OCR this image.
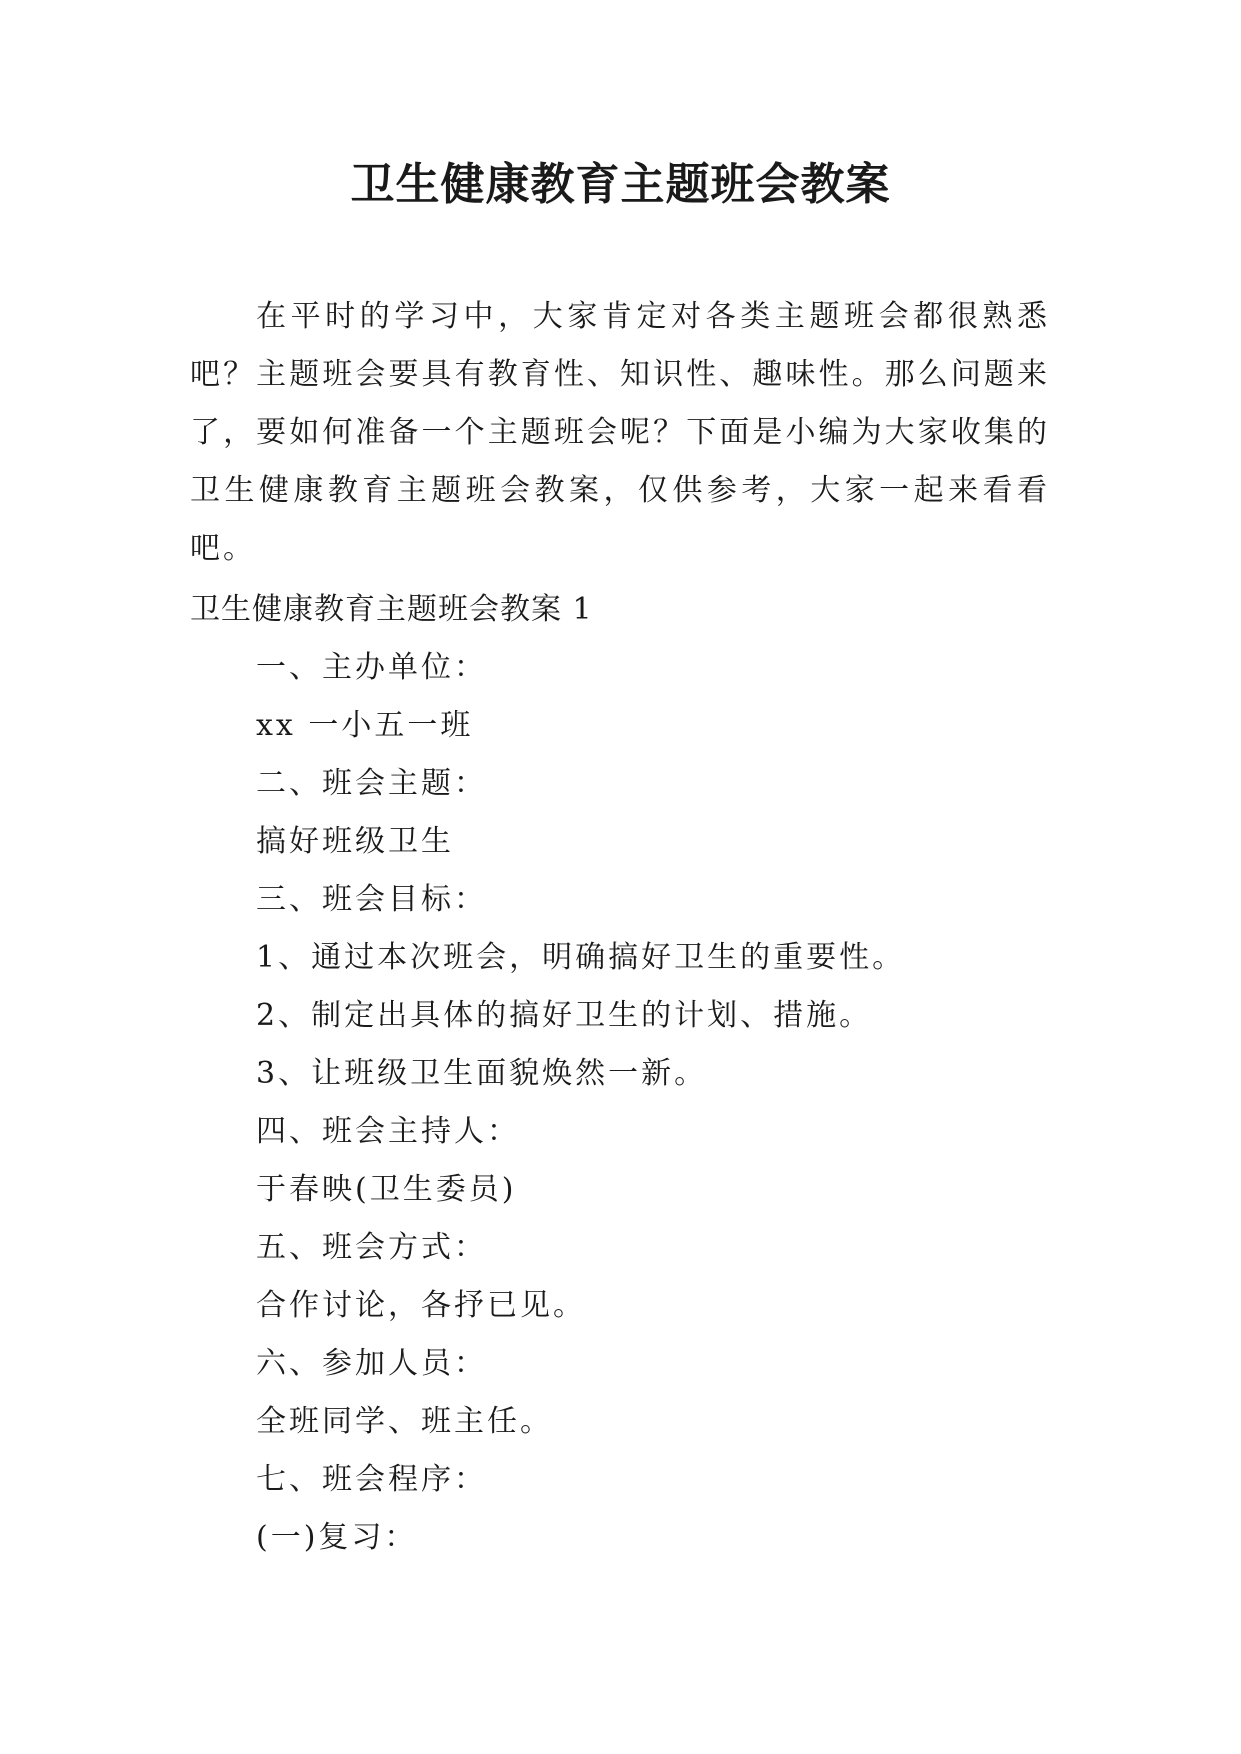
卫生健康教育主题班会教案

在平时的学习中，大家肯定对各类主题班会都很熟悉吧？主题班会要具有教育性、知识性、趣味性。那么问题来了，要如何准备一个主题班会呢？下面是小编为大家收集的卫生健康教育主题班会教案，仅供参考，大家一起来看看吧。

卫生健康教育主题班会教案 1
一、主办单位：
xx 一小五一班
二、班会主题：
搞好班级卫生
三、班会目标：
1、通过本次班会，明确搞好卫生的重要性。
2、制定出具体的搞好卫生的计划、措施。
3、让班级卫生面貌焕然一新。
四、班会主持人：
于春映(卫生委员)
五、班会方式：
合作讨论，各抒已见。
六、参加人员：
全班同学、班主任。
七、班会程序：
(一)复习：
